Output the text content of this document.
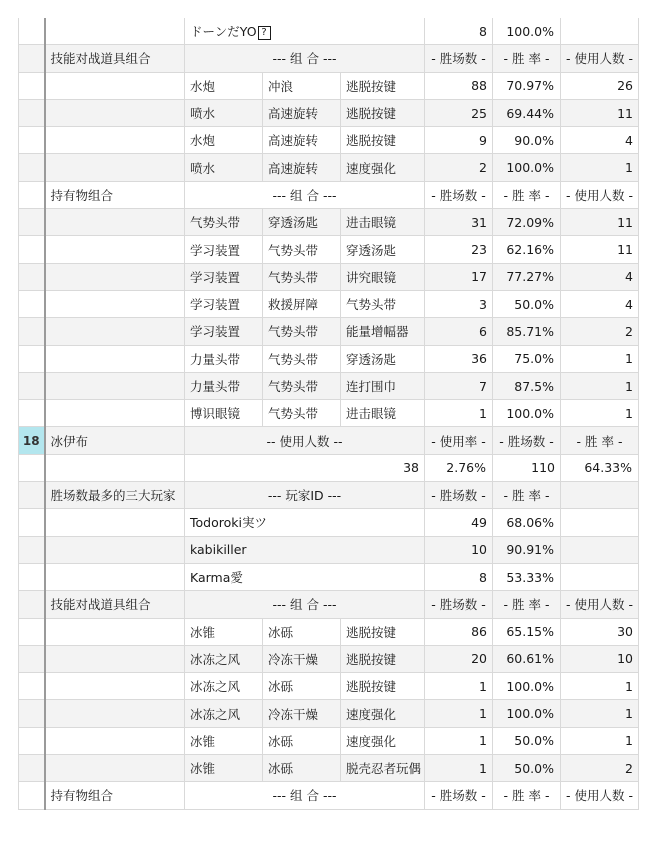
		ドーンだYO ?			8	100.0%	
	技能对战道具组合	--- 组 合 ---			- 胜场数 -	- 胜 率 -	- 使用人数 -
		水炮	冲浪	逃脱按键	88	70.97%	26
		喷水	高速旋转	逃脱按键	25	69.44%	11
		水炮	高速旋转	逃脱按键	9	90.0%	4
		喷水	高速旋转	速度强化	2	100.0%	1
	持有物组合	--- 组 合 ---			- 胜场数 -	- 胜 率 -	- 使用人数 -
		气势头带	穿透汤匙	进击眼镜	31	72.09%	11
		学习装置	气势头带	穿透汤匙	23	62.16%	11
		学习装置	气势头带	讲究眼镜	17	77.27%	4
		学习装置	救援屏障	气势头带	3	50.0%	4
		学习装置	气势头带	能量增幅器	6	85.71%	2
		力量头带	气势头带	穿透汤匙	36	75.0%	1
		力量头带	气势头带	连打围巾	7	87.5%	1
		博识眼镜	气势头带	进击眼镜	1	100.0%	1
18	冰伊布	-- 使用人数 --			- 使用率 -	- 胜场数 -	- 胜 率 -
		38			2.76%	110	64.33%
	胜场数最多的三大玩家	--- 玩家ID ---			- 胜场数 -	- 胜 率 -	
		Todoroki実ツ			49	68.06%	
		kabikiller			10	90.91%	
		Karma愛			8	53.33%	
	技能对战道具组合	--- 组 合 ---			- 胜场数 -	- 胜 率 -	- 使用人数 -
		冰锥	冰砾	逃脱按键	86	65.15%	30
		冰冻之风	冷冻干燥	逃脱按键	20	60.61%	10
		冰冻之风	冰砾	逃脱按键	1	100.0%	1
		冰冻之风	冷冻干燥	速度强化	1	100.0%	1
		冰锥	冰砾	速度强化	1	50.0%	1
		冰锥	冰砾	脱壳忍者玩偶	1	50.0%	2
	持有物组合	--- 组 合 ---			- 胜场数 -	- 胜 率 -	- 使用人数 -
